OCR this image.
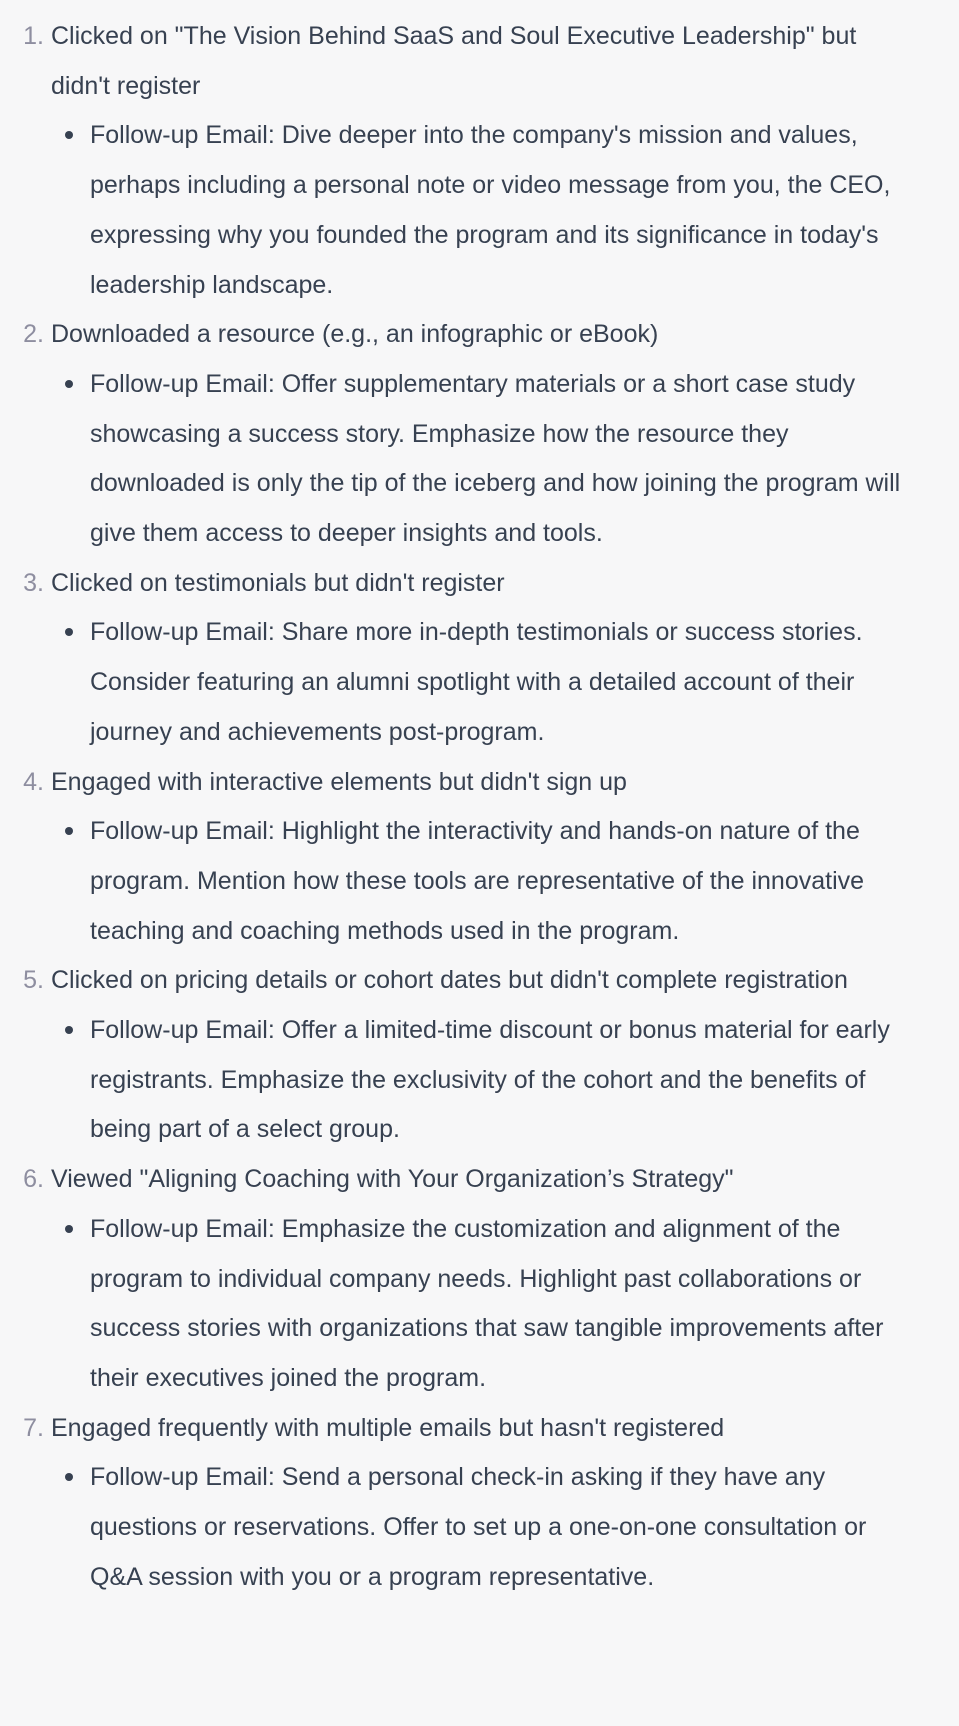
1. Clicked on "The Vision Behind SaaS and Soul Executive Leadership" but didn't register
Follow-up Email: Dive deeper into the company's mission and values, perhaps including a personal note or video message from you, the CEO, expressing why you founded the program and its significance in today's leadership landscape.
2. Downloaded a resource (e.g., an infographic or eBook)
Follow-up Email: Offer supplementary materials or a short case study showcasing a success story. Emphasize how the resource they downloaded is only the tip of the iceberg and how joining the program will give them access to deeper insights and tools.
3. Clicked on testimonials but didn't register
Follow-up Email: Share more in-depth testimonials or success stories. Consider featuring an alumni spotlight with a detailed account of their journey and achievements post-program.
4. Engaged with interactive elements but didn't sign up
Follow-up Email: Highlight the interactivity and hands-on nature of the program. Mention how these tools are representative of the innovative teaching and coaching methods used in the program.
5. Clicked on pricing details or cohort dates but didn't complete registration
Follow-up Email: Offer a limited-time discount or bonus material for early registrants. Emphasize the exclusivity of the cohort and the benefits of being part of a select group.
6. Viewed "Aligning Coaching with Your Organization’s Strategy"
Follow-up Email: Emphasize the customization and alignment of the program to individual company needs. Highlight past collaborations or success stories with organizations that saw tangible improvements after their executives joined the program.
7. Engaged frequently with multiple emails but hasn't registered
Follow-up Email: Send a personal check-in asking if they have any questions or reservations. Offer to set up a one-on-one consultation or Q&A session with you or a program representative.
